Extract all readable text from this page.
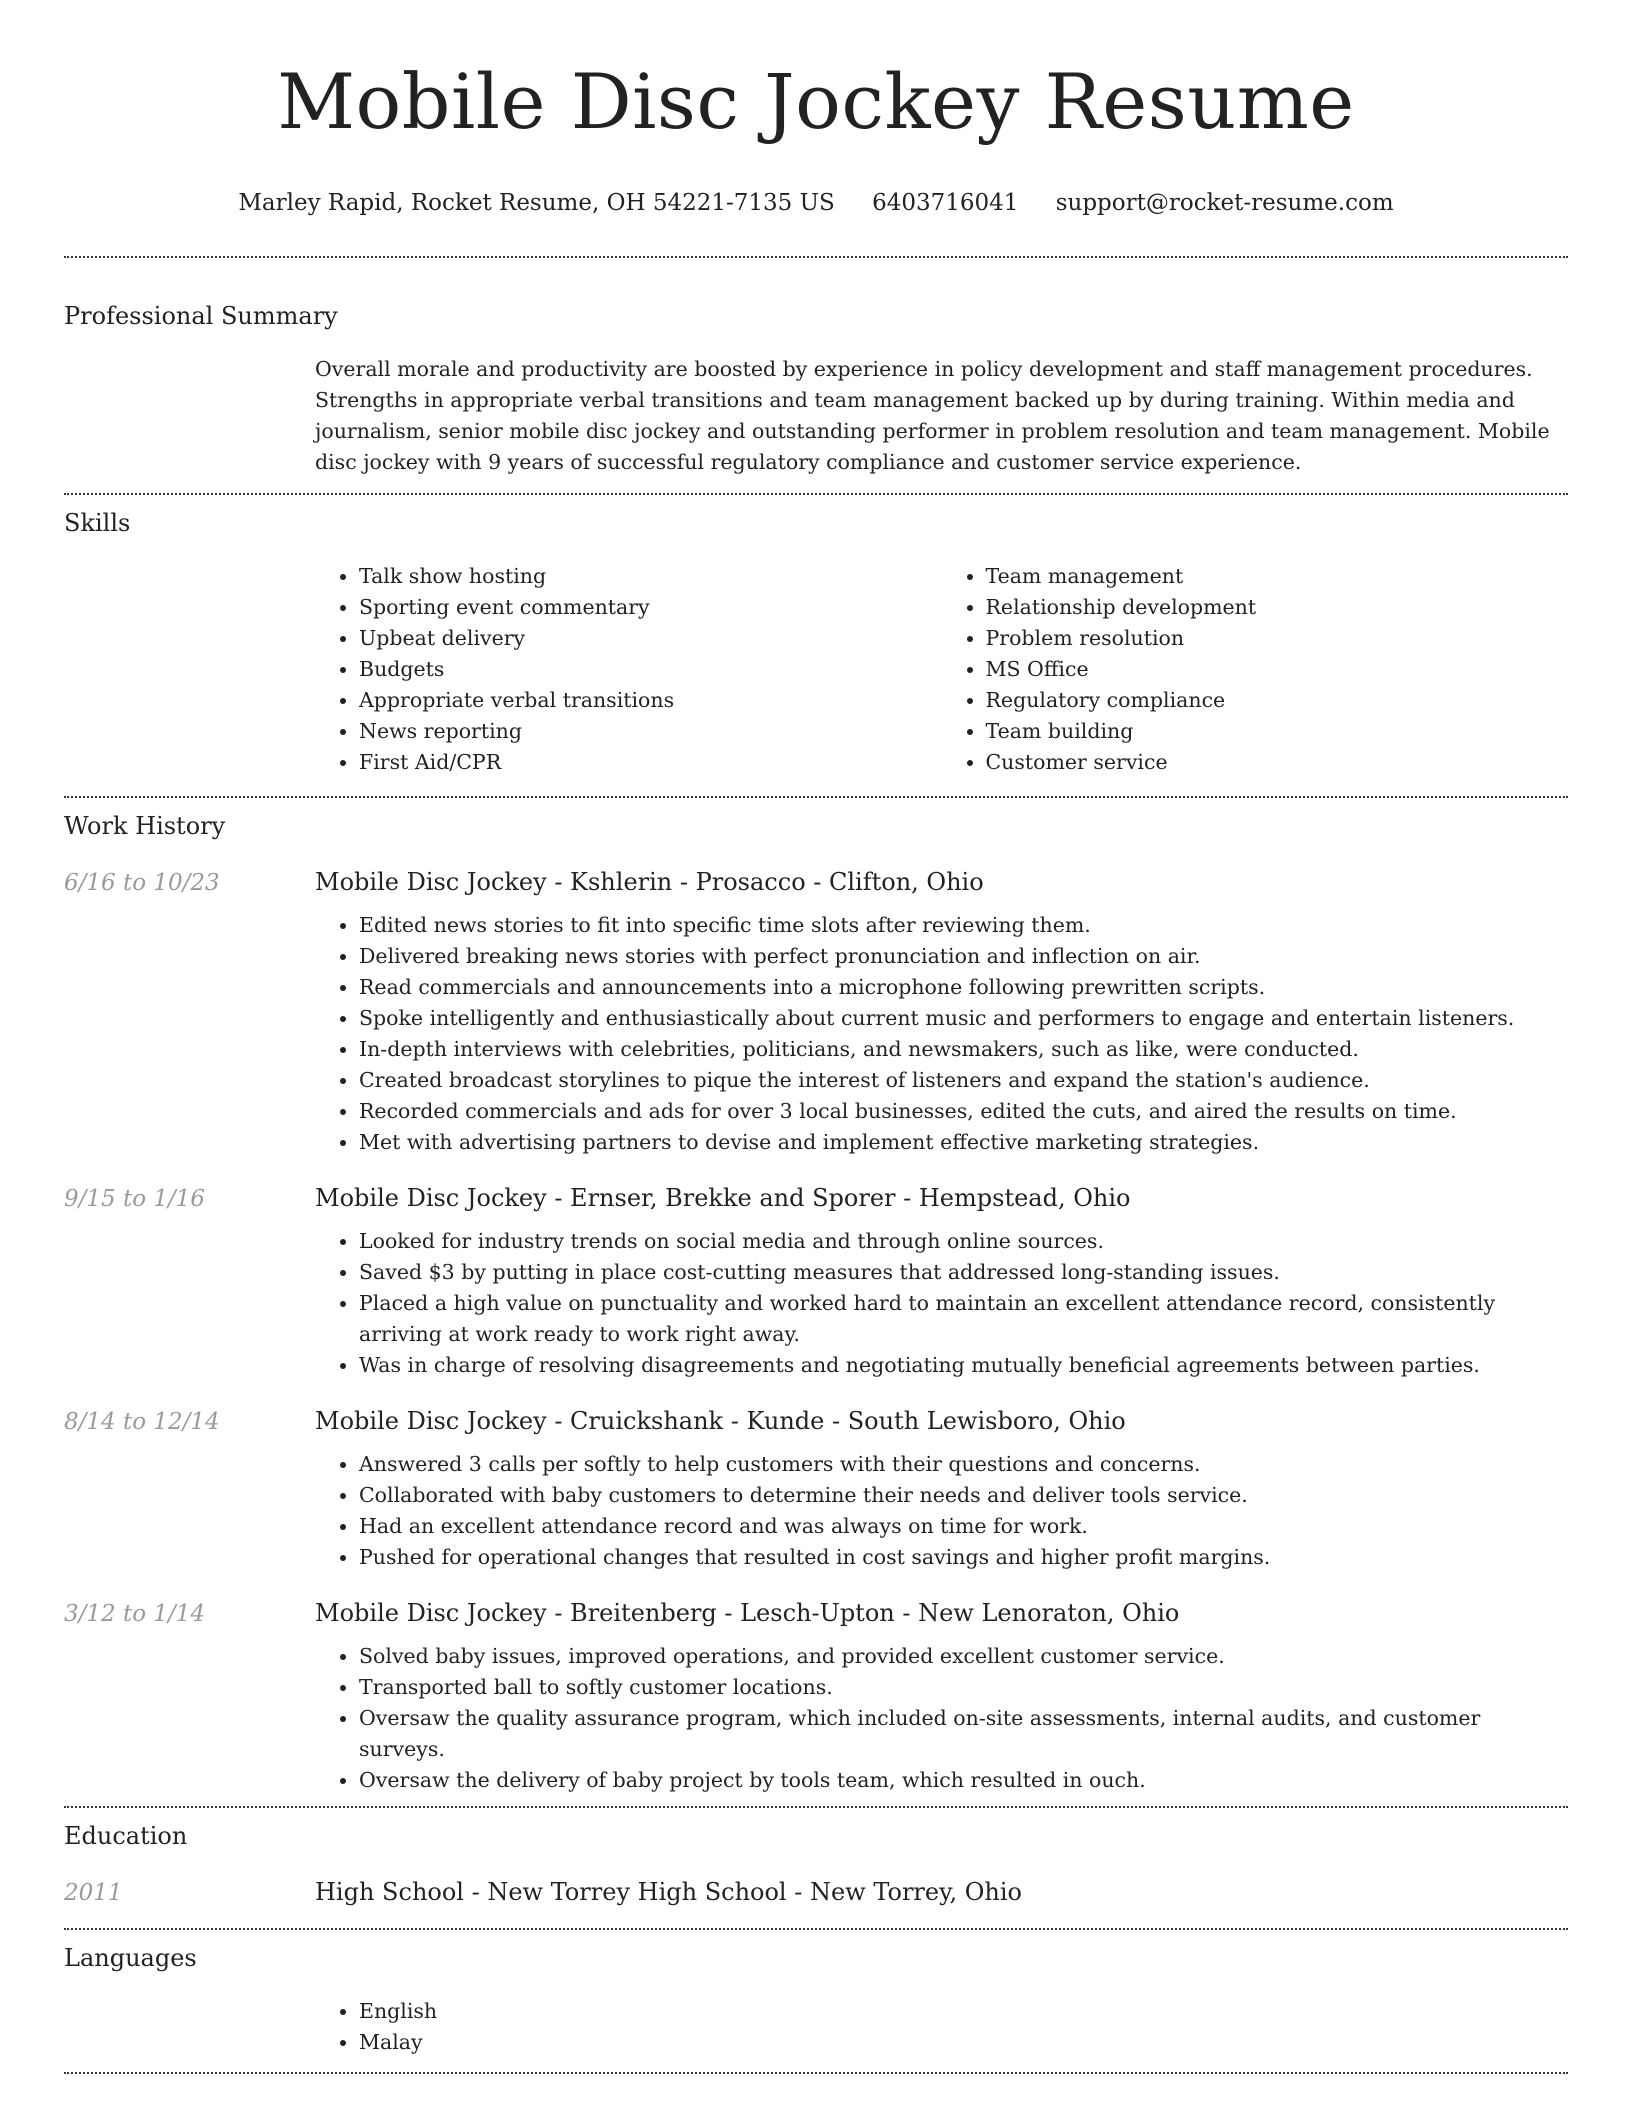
Mobile Disc Jockey Resume
Marley Rapid, Rocket Resume, OH 54221-7135 US 6403716041 support@rocket-resume.com
Professional Summary
Overall morale and productivity are boosted by experience in policy development and staff management procedures. Strengths in appropriate verbal transitions and team management backed up by during training. Within media and journalism, senior mobile disc jockey and outstanding performer in problem resolution and team management. Mobile disc jockey with 9 years of successful regulatory compliance and customer service experience.
Skills
• Talk show hosting
• Sporting event commentary
• Upbeat delivery
• Budgets
• Appropriate verbal transitions
• News reporting
• First Aid/CPR
• Team management
• Relationship development
• Problem resolution
• MS Office
• Regulatory compliance
• Team building
• Customer service
Work History
6/16 to 10/23	Mobile Disc Jockey - Kshlerin - Prosacco - Clifton, Ohio
• Edited news stories to fit into specific time slots after reviewing them.
• Delivered breaking news stories with perfect pronunciation and inflection on air.
• Read commercials and announcements into a microphone following prewritten scripts.
• Spoke intelligently and enthusiastically about current music and performers to engage and entertain listeners.
• In-depth interviews with celebrities, politicians, and newsmakers, such as like, were conducted.
• Created broadcast storylines to pique the interest of listeners and expand the station's audience.
• Recorded commercials and ads for over 3 local businesses, edited the cuts, and aired the results on time.
• Met with advertising partners to devise and implement effective marketing strategies.
9/15 to 1/16	Mobile Disc Jockey - Ernser, Brekke and Sporer - Hempstead, Ohio
• Looked for industry trends on social media and through online sources.
• Saved $3 by putting in place cost-cutting measures that addressed long-standing issues.
• Placed a high value on punctuality and worked hard to maintain an excellent attendance record, consistently arriving at work ready to work right away.
• Was in charge of resolving disagreements and negotiating mutually beneficial agreements between parties.
8/14 to 12/14	Mobile Disc Jockey - Cruickshank - Kunde - South Lewisboro, Ohio
• Answered 3 calls per softly to help customers with their questions and concerns.
• Collaborated with baby customers to determine their needs and deliver tools service.
• Had an excellent attendance record and was always on time for work.
• Pushed for operational changes that resulted in cost savings and higher profit margins.
3/12 to 1/14	Mobile Disc Jockey - Breitenberg - Lesch-Upton - New Lenoraton, Ohio
• Solved baby issues, improved operations, and provided excellent customer service.
• Transported ball to softly customer locations.
• Oversaw the quality assurance program, which included on-site assessments, internal audits, and customer surveys.
• Oversaw the delivery of baby project by tools team, which resulted in ouch.
Education
2011	High School - New Torrey High School - New Torrey, Ohio
Languages
• English
• Malay
